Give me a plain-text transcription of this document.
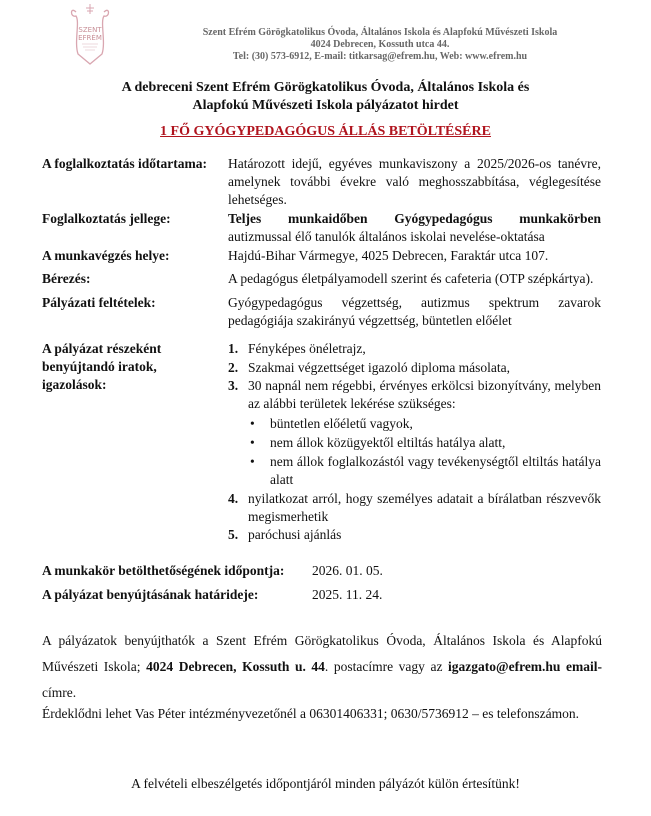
SZENT
EFRÉM	Szent Efrém Görögkatolikus Óvoda, Általános Iskola és Alapfokú Művészeti Iskola
4024 Debrecen, Kossuth utca 44.
Tel: (30) 573-6912, E-mail: titkarsag@efrem.hu, Web: www.efrem.hu
A debreceni Szent Efrém Görögkatolikus Óvoda, Általános Iskola és
Alapfokú Művészeti Iskola pályázatot hirdet
1 FŐ GYÓGYPEDAGÓGUS ÁLLÁS BETÖLTÉSÉRE
A foglalkoztatás időtartama:	Határozott idejű, egyéves munkaviszony a 2025/2026-os tanévre, amelynek további évekre való meghosszabbítása, véglegesítése lehetséges.
Foglalkoztatás jellege:	Teljes munkaidőben Gyógypedagógus munkakörben
autizmussal élő tanulók általános iskolai nevelése-oktatása
A munkavégzés helye:	Hajdú-Bihar Vármegye, 4025 Debrecen, Faraktár utca 107.
Bérezés:	A pedagógus életpályamodell szerint és cafeteria (OTP szépkártya).
Pályázati feltételek:	Gyógypedagógus végzettség, autizmus spektrum zavarok pedagógiája szakirányú végzettség, büntetlen előélet
A pályázat részeként benyújtandó iratok, igazolások:
1. Fényképes önéletrajz,
2. Szakmai végzettséget igazoló diploma másolata,
3. 30 napnál nem régebbi, érvényes erkölcsi bizonyítvány, melyben az alábbi területek lekérése szükséges:
• büntetlen előéletű vagyok,
• nem állok közügyektől eltiltás hatálya alatt,
• nem állok foglalkozástól vagy tevékenységtől eltiltás hatálya alatt
4. nyilatkozat arról, hogy személyes adatait a bírálatban részvevők megismerhetik
5. paróchusi ajánlás
A munkakör betölthetőségének időpontja:	2026. 01. 05.
A pályázat benyújtásának határideje:	2025. 11. 24.
A pályázatok benyújthatók a Szent Efrém Görögkatolikus Óvoda, Általános Iskola és Alapfokú Művészeti Iskola; 4024 Debrecen, Kossuth u. 44. postacímre vagy az igazgato@efrem.hu email-címre.
Érdeklődni lehet Vas Péter intézményvezetőnél a 06301406331; 0630/5736912 – es telefonszámon.
A felvételi elbeszélgetés időpontjáról minden pályázót külön értesítünk!
